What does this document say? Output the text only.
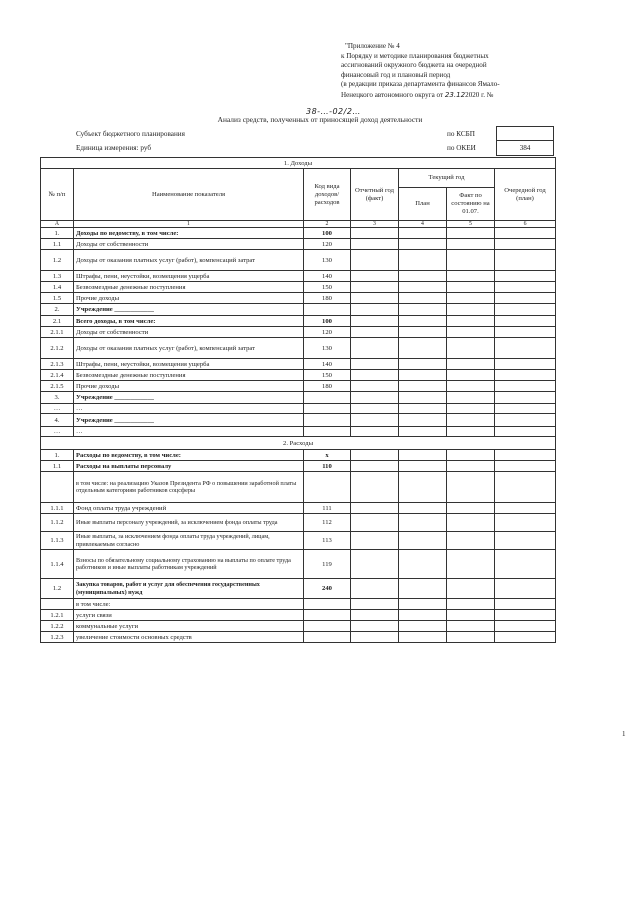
"Приложение № 4
к Порядку и методике планирования бюджетных
ассигнований окружного бюджета на очередной
финансовый год и плановый период
(в редакции приказа департамента финансов Ямало-
Ненецкого автономного округа от 23.122020 г. №
38-…-02/2…
Анализ средств, полученных от приносящей доход деятельности
Субъект бюджетного планирования
Единица измерения: руб
по КСБП
по ОКЕИ	384
1. Доходы						
№ п/п	Наименование показателя	Код вида доходов/ расходов	Отчетный год (факт)	Текущий год		Очередной год (план)
				План	Факт по состоянию на 01.07.	
А	1	2	3	4	5	6
1.	Доходы по ведомству, в том числе:	100				
1.1	Доходы от собственности	120				
1.2	Доходы от оказания платных услуг (работ), компенсаций затрат	130				
1.3	Штрафы, пени, неустойки, возмещения ущерба	140				
1.4	Безвозмездные денежные поступления	150				
1.5	Прочие доходы	180				
2.	Учреждение ____________					
2.1	Всего доходы, в том числе:	100				
2.1.1	Доходы от собственности	120				
2.1.2	Доходы от оказания платных услуг (работ), компенсаций затрат	130				
2.1.3	Штрафы, пени, неустойки, возмещения ущерба	140				
2.1.4	Безвозмездные денежные поступления	150				
2.1.5	Прочие доходы	180				
3.	Учреждение ____________					
…	…					
4.	Учреждение ____________					
…	…					
2. Расходы						
1.	Расходы по ведомству, в том числе:	x				
1.1	Расходы на выплаты персоналу	110				
	в том числе: на реализацию Указов Президента РФ о повышении заработной платы отдельным категориям работников соцсферы					
1.1.1	Фонд оплаты труда учреждений	111				
1.1.2	Иные выплаты персоналу учреждений, за исключением фонда оплаты труда	112				
1.1.3	Иные выплаты, за исключением фонда оплаты труда учреждений, лицам, привлекаемым согласно	113				
1.1.4	Взносы по обязательному социальному страхованию на выплаты по оплате труда работников и иные выплаты работникам учреждений	119				
1.2	Закупка товаров, работ и услуг для обеспечения государственных (муниципальных) нужд	240				
	в том числе:					
1.2.1	услуги связи					
1.2.2	коммунальные услуги					
1.2.3	увеличение стоимости основных средств					
1
